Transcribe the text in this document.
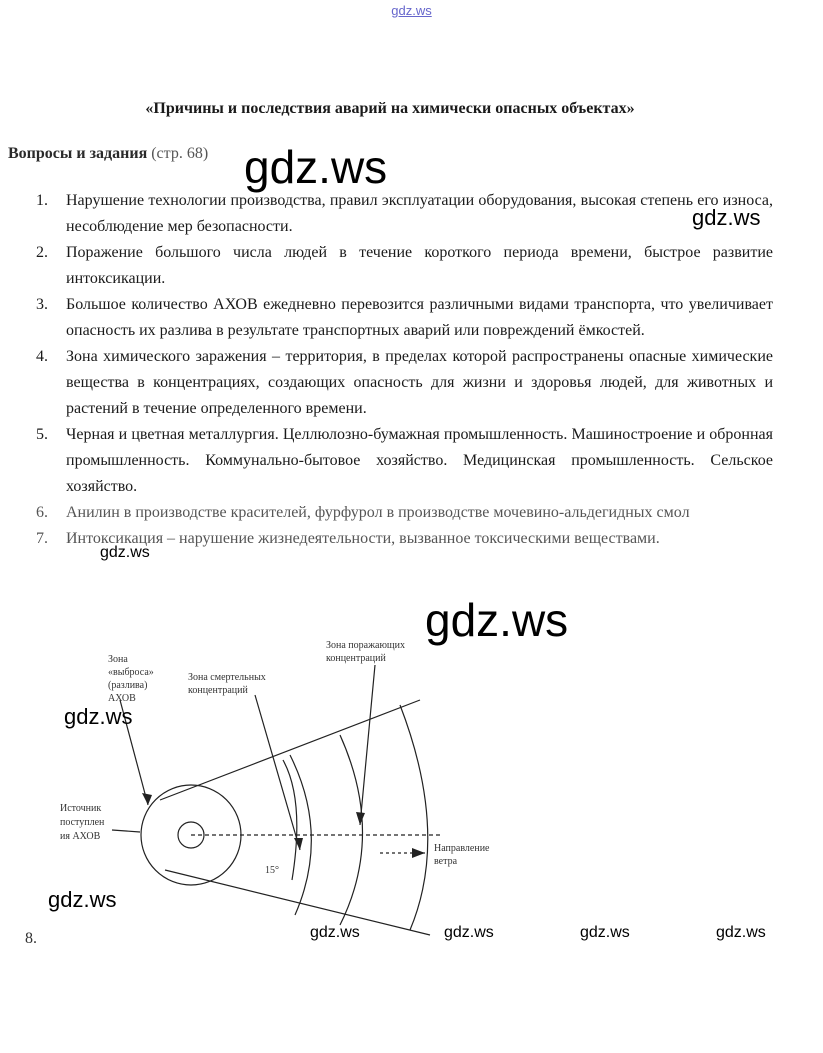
gdz.ws
«Причины и последствия аварий на химически опасных объектах»
Вопросы и задания (стр. 68)
1. Нарушение технологии производства, правил эксплуатации оборудования, высокая степень его износа, несоблюдение мер безопасности.
2. Поражение большого числа людей в течение короткого периода времени, быстрое развитие интоксикации.
3. Большое количество АХОВ ежедневно перевозится различными видами транспорта, что увеличивает опасность их разлива в результате транспортных аварий или повреждений ёмкостей.
4. Зона химического заражения – территория, в пределах которой распространены опасные химические вещества в концентрациях, создающих опасность для жизни и здоровья людей, для животных и растений в течение определенного времени.
5. Черная и цветная металлургия. Целлюлозно-бумажная промышленность. Машиностроение и обронная промышленность. Коммунально-бытовое хозяйство. Медицинская промышленность. Сельское хозяйство.
6. Анилин в производстве красителей, фурфурол в производстве мочевино-альдегидных смол
7. Интоксикация – нарушение жизнедеятельности, вызванное токсическими веществами.
Зона
«выброса»
(разлива)
АХОВ
Зона смертельных
концентраций
Зона поражающих
концентраций
Источник
поступлен
ия АХОВ
Направление
ветра
15°
8.
gdz.ws
gdz.ws
gdz.ws
gdz.ws
gdz.ws
gdz.ws
gdz.ws	gdz.ws	gdz.ws	gdz.ws
